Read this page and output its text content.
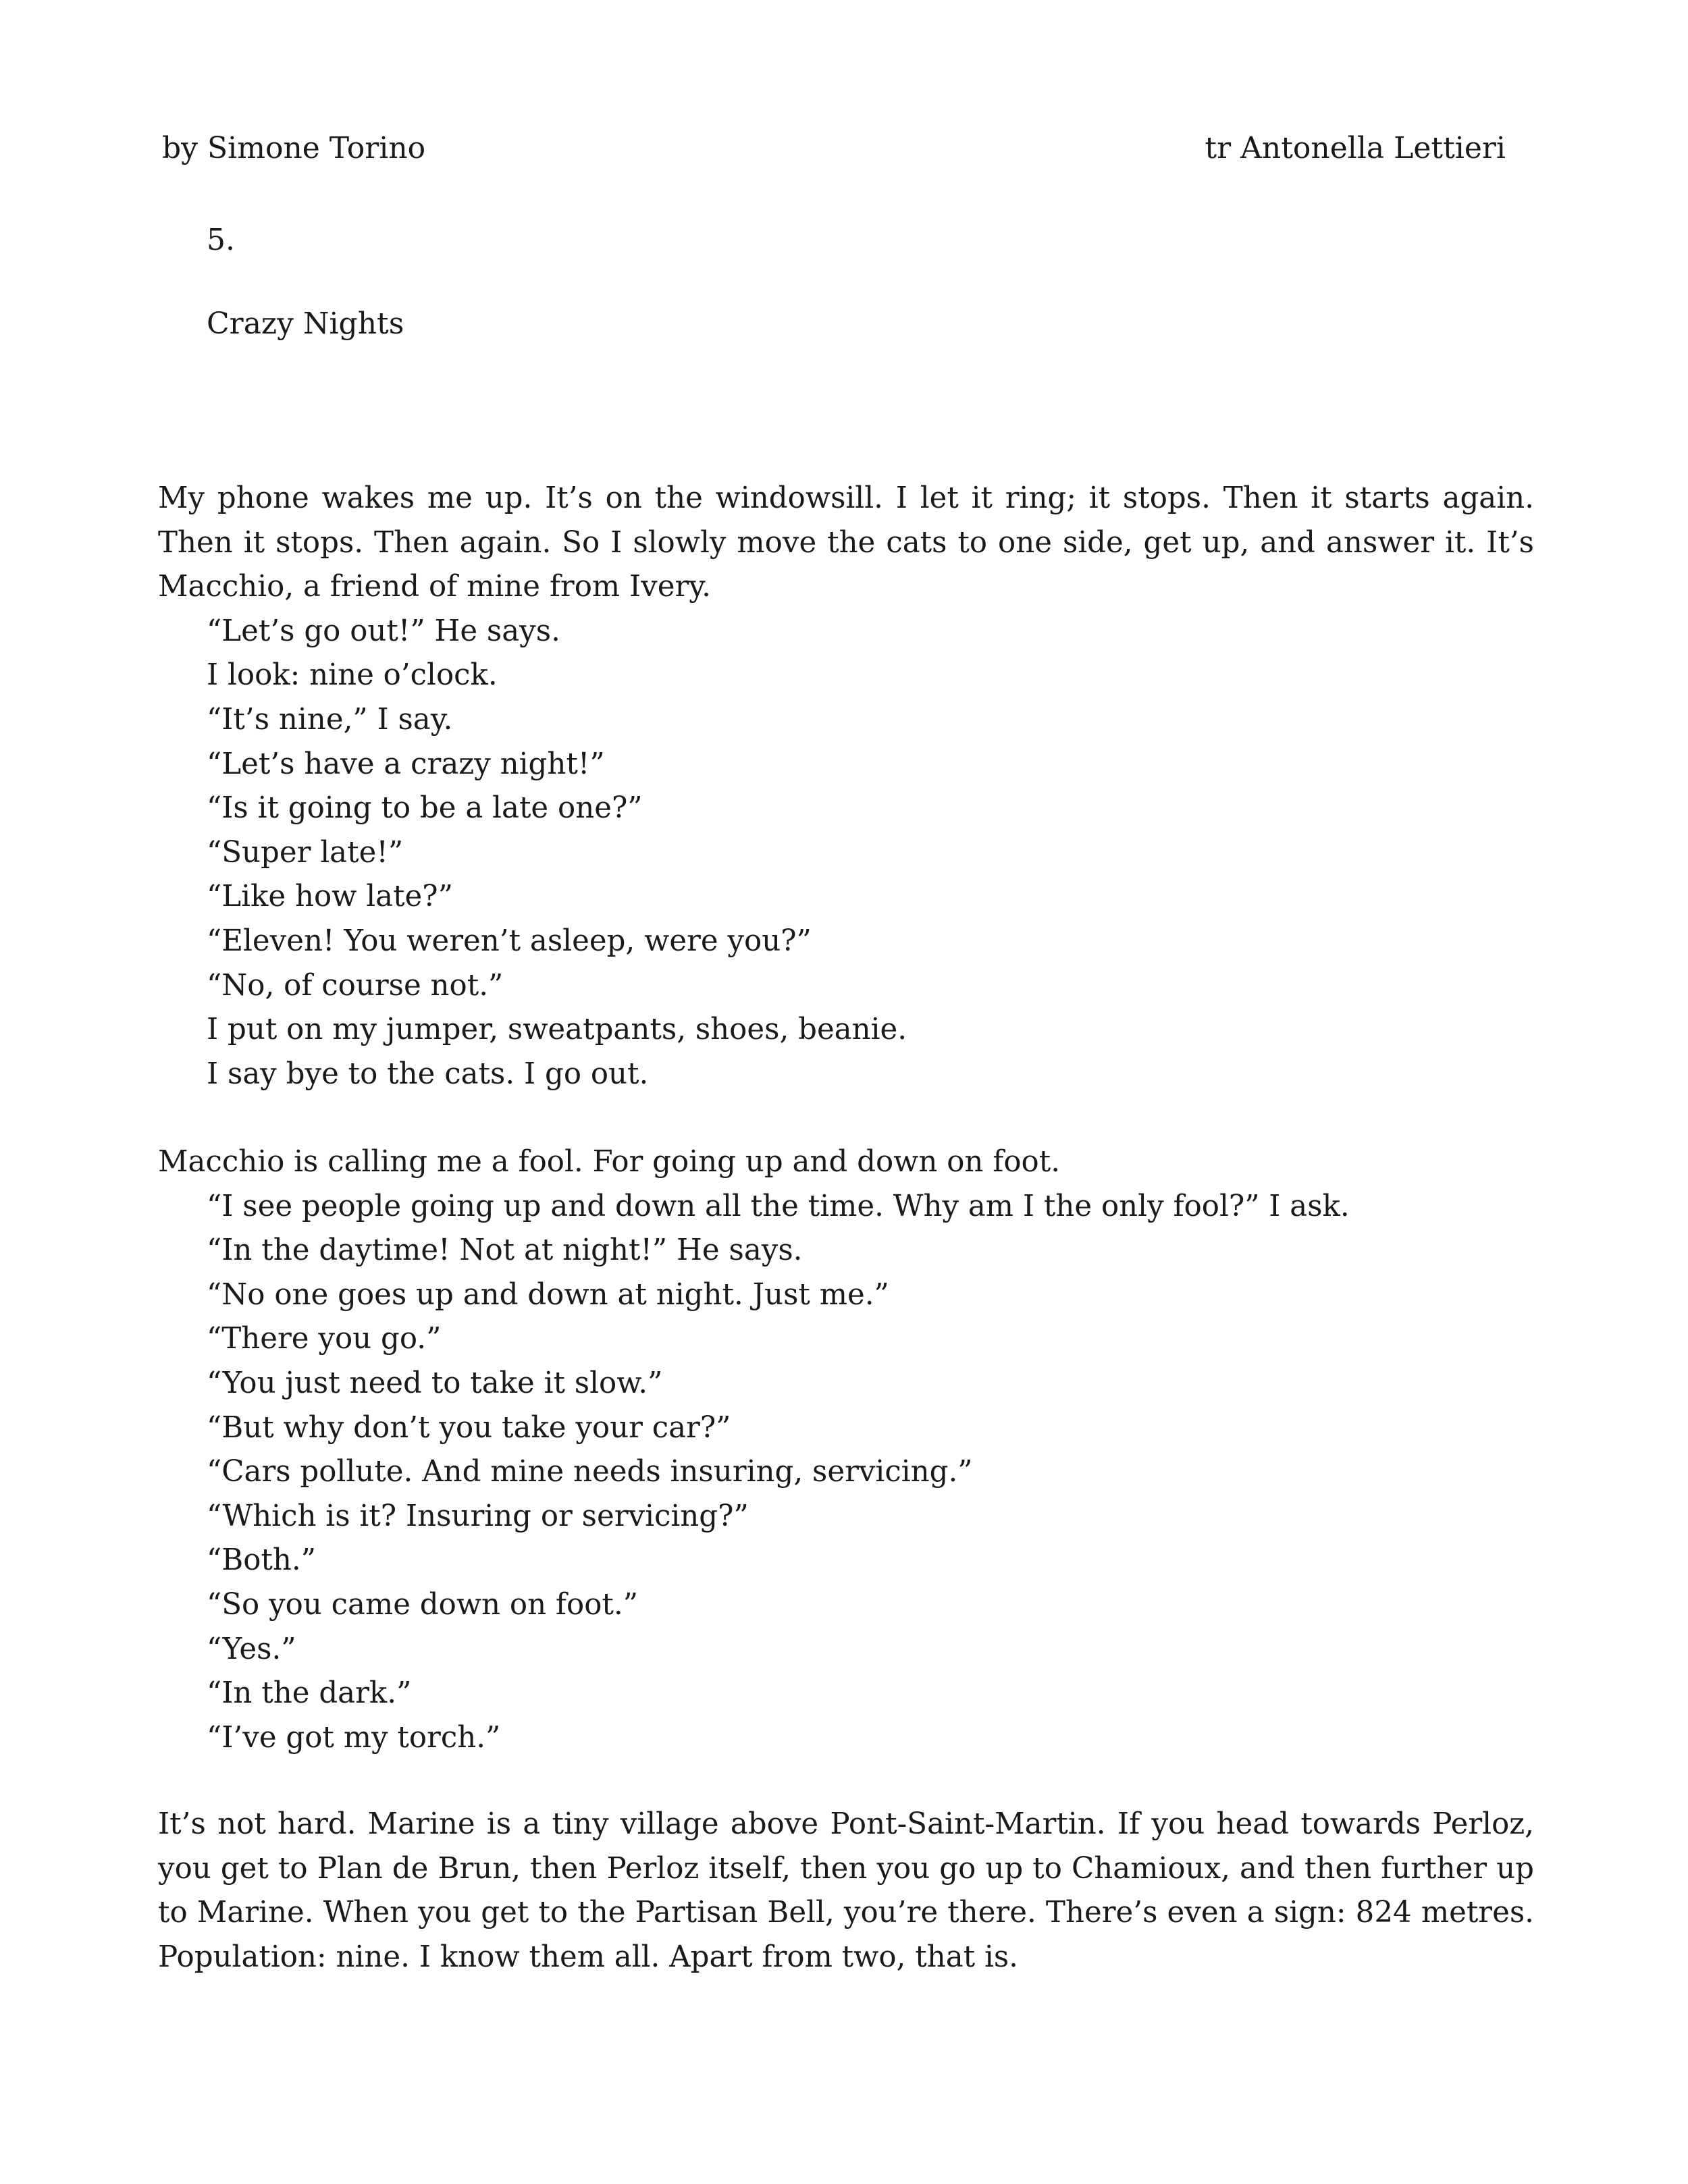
by Simone Torino	tr Antonella Lettieri
5.
Crazy Nights

My phone wakes me up. It’s on the windowsill. I let it ring; it stops. Then it starts again. Then it stops. Then again. So I slowly move the cats to one side, get up, and answer it. It’s Macchio, a friend of mine from Ivery.

“Let’s go out!” He says.

I look: nine o’clock.

“It’s nine,” I say.

“Let’s have a crazy night!”

“Is it going to be a late one?”

“Super late!”

“Like how late?”

“Eleven! You weren’t asleep, were you?”

“No, of course not.”

I put on my jumper, sweatpants, shoes, beanie.

I say bye to the cats. I go out.

Macchio is calling me a fool. For going up and down on foot.

“I see people going up and down all the time. Why am I the only fool?” I ask.

“In the daytime! Not at night!” He says.

“No one goes up and down at night. Just me.”

“There you go.”

“You just need to take it slow.”

“But why don’t you take your car?”

“Cars pollute. And mine needs insuring, servicing.”

“Which is it? Insuring or servicing?”

“Both.”

“So you came down on foot.”

“Yes.”

“In the dark.”

“I’ve got my torch.”

It’s not hard. Marine is a tiny village above Pont-Saint-Martin. If you head towards Perloz, you get to Plan de Brun, then Perloz itself, then you go up to Chamioux, and then further up to Marine. When you get to the Partisan Bell, you’re there. There’s even a sign: 824 metres. Population: nine. I know them all. Apart from two, that is.
